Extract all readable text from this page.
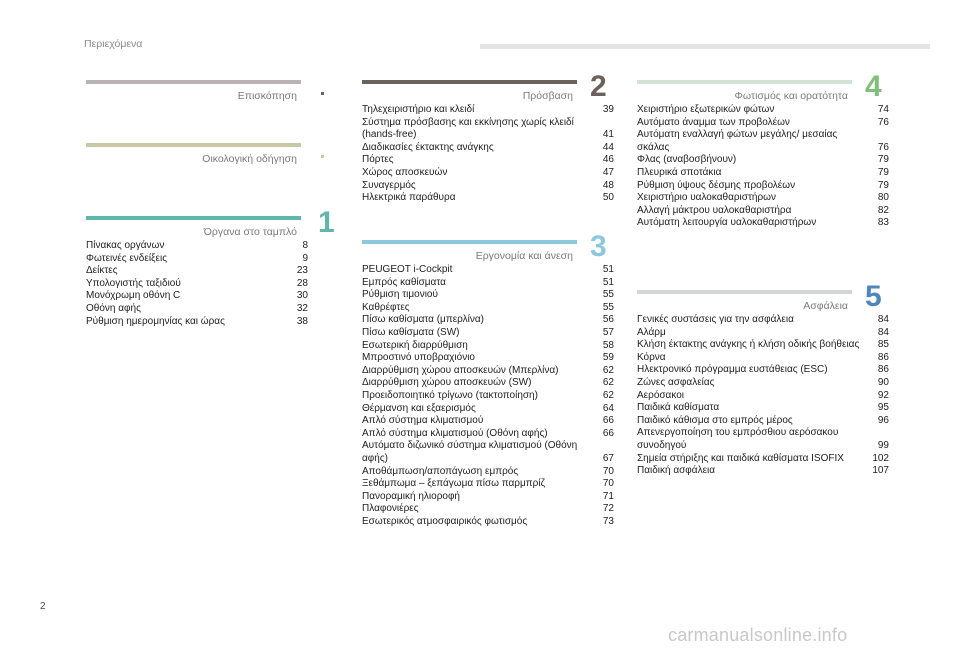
Περιεχόμενα
Επισκόπηση
Οικολογική οδήγηση
Όργανα στο ταμπλό 1
Πίνακας οργάνων	8
Φωτεινές ενδείξεις	9
Δείκτες	23
Υπολογιστής ταξιδιού	28
Μονόχρωμη οθόνη C	30
Οθόνη αφής	32
Ρύθμιση ημερομηνίας και ώρας	38
Πρόσβαση 2
Τηλεχειριστήριο και κλειδί	39
Σύστημα πρόσβασης και εκκίνησης χωρίς κλειδί (hands-free)	41
Διαδικασίες έκτακτης ανάγκης	44
Πόρτες	46
Χώρος αποσκευών	47
Συναγερμός	48
Ηλεκτρικά παράθυρα	50
Εργονομία και άνεση 3
PEUGEOT i-Cockpit	51
Εμπρός καθίσματα	51
Ρύθμιση τιμονιού	55
Καθρέφτες	55
Πίσω καθίσματα (μπερλίνα)	56
Πίσω καθίσματα (SW)	57
Εσωτερική διαρρύθμιση	58
Μπροστινό υποβραχιόνιο	59
Διαρρύθμιση χώρου αποσκευών (Μπερλίνα)	62
Διαρρύθμιση χώρου αποσκευών (SW)	62
Προειδοποιητικό τρίγωνο (τακτοποίηση)	62
Θέρμανση και εξαερισμός	64
Απλό σύστημα κλιματισμού	66
Απλό σύστημα κλιματισμού (Οθόνη αφής)	66
Αυτόματο διζωνικό σύστημα κλιματισμού (Οθόνη αφής)	67
Αποθάμπωση/αποπάγωση εμπρός	70
Ξεθάμπωμα – ξεπάγωμα πίσω παρμπρίζ	70
Πανοραμική ηλιοροφή	71
Πλαφονιέρες	72
Εσωτερικός ατμοσφαιρικός φωτισμός	73
Φωτισμός και ορατότητα 4
Χειριστήριο εξωτερικών φώτων	74
Αυτόματο άναμμα των προβολέων	76
Αυτόματη εναλλαγή φώτων μεγάλης/ μεσαίας σκάλας	76
Φλας (αναβοσβήνουν)	79
Πλευρικά σποτάκια	79
Ρύθμιση ύψους δέσμης προβολέων	79
Χειριστήριο υαλοκαθαριστήρων	80
Αλλαγή μάκτρου υαλοκαθαριστήρα	82
Αυτόματη λειτουργία υαλοκαθαριστήρων	83
Ασφάλεια 5
Γενικές συστάσεις για την ασφάλεια	84
Αλάρμ	84
Κλήση έκτακτης ανάγκης ή κλήση οδικής βοήθειας	85
Κόρνα	86
Ηλεκτρονικό πρόγραμμα ευστάθειας (ESC)	86
Ζώνες ασφαλείας	90
Αερόσακοι	92
Παιδικά καθίσματα	95
Παιδικό κάθισμα στο εμπρός μέρος	96
Απενεργοποίηση του εμπρόσθιου αερόσακου συνοδηγού	99
Σημεία στήριξης και παιδικά καθίσματα ISOFIX	102
Παιδική ασφάλεια	107
2
carmanualsonline.info
